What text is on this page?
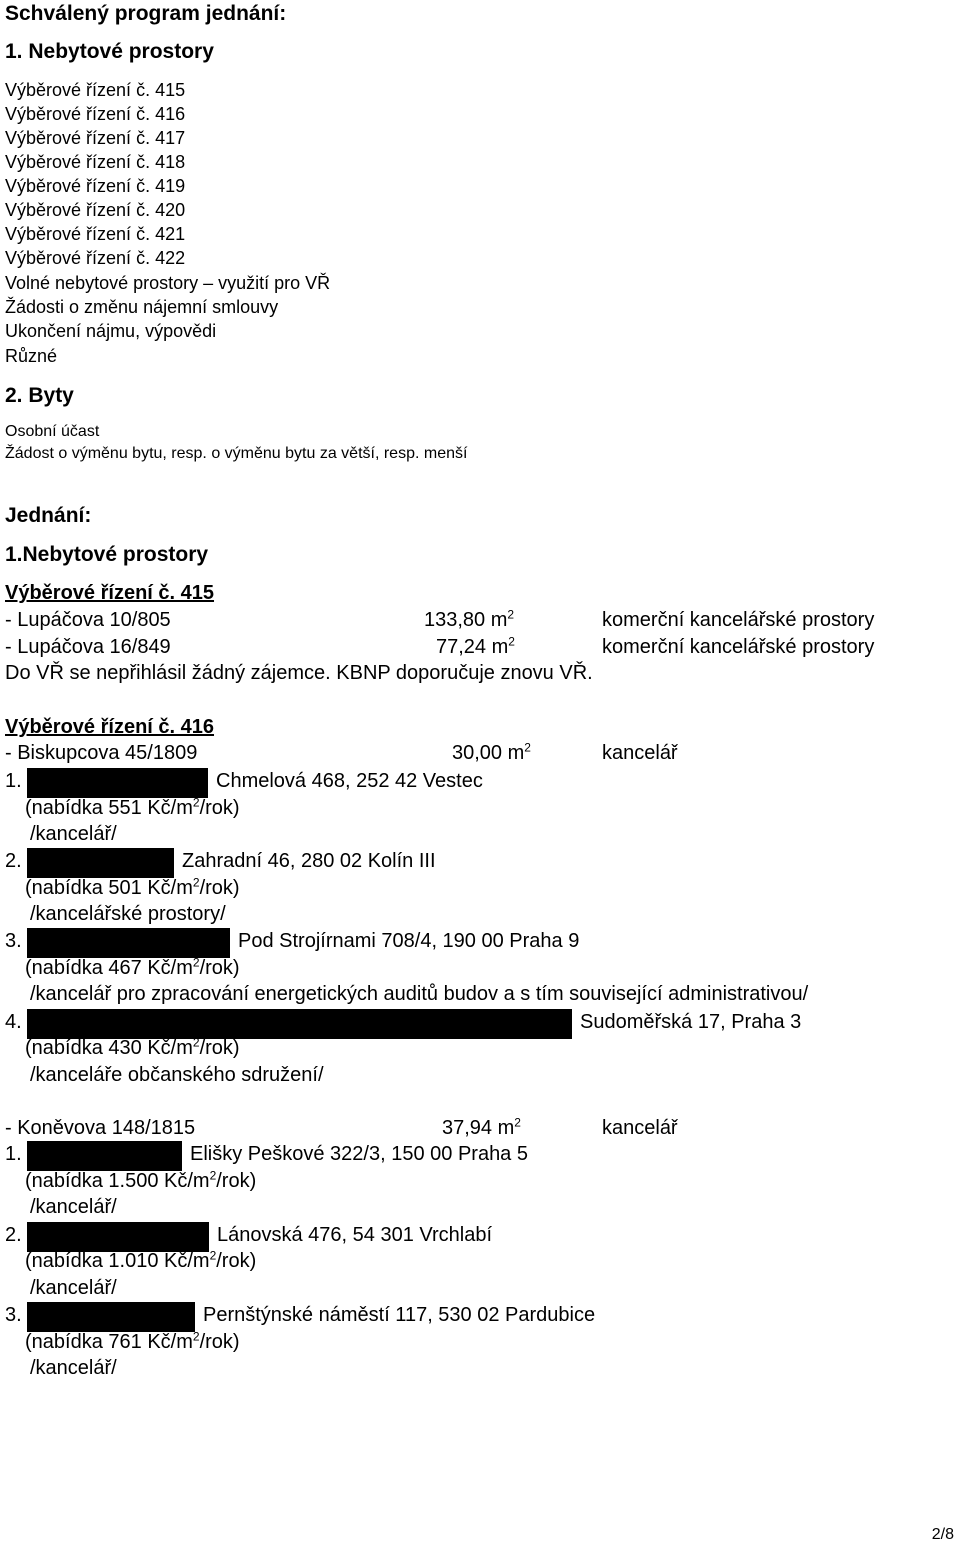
Schválený program jednání:
1. Nebytové prostory
Výběrové řízení č. 415
Výběrové řízení č. 416
Výběrové řízení č. 417
Výběrové řízení č. 418
Výběrové řízení č. 419
Výběrové řízení č. 420
Výběrové řízení č. 421
Výběrové řízení č. 422
Volné nebytové prostory – využití pro VŘ
Žádosti o změnu nájemní smlouvy
Ukončení nájmu, výpovědi
Různé
2. Byty
Osobní účast
Žádost o výměnu bytu, resp. o výměnu bytu za větší, resp. menší
Jednání:
1.Nebytové prostory
Výběrové řízení č. 415
- Lupáčova 10/805	133,80 $m^2$	komerční kancelářské prostory
- Lupáčova 16/849	77,24 $m^2$	komerční kancelářské prostory
Do VŘ se nepřihlásil žádný zájemce. KBNP doporučuje znovu VŘ.
Výběrové řízení č. 416
- Biskupcova 45/1809	30,00 $m^2$	kancelář
1.	Chmelová 468, 252 42 Vestec
(nabídka 551 $Kč/m^2/rok$)
/kancelář/
2.	Zahradní 46, 280 02 Kolín III
(nabídka 501 $Kč/m^2/rok$)
/kancelářské prostory/
3.	Pod Strojírnami 708/4, 190 00 Praha 9
(nabídka 467 $Kč/m^2/rok$)
/kancelář pro zpracování energetických auditů budov a s tím související administrativou/
4.	Sudoměřská 17, Praha 3
(nabídka 430 $Kč/m^2/rok$)
/kanceláře občanského sdružení/
- Koněvova 148/1815	37,94 $m^2$	kancelář
1.	Elišky Peškové 322/3, 150 00 Praha 5
(nabídka 1.500 $Kč/m^2/rok$)
/kancelář/
2.	Lánovská 476, 54 301 Vrchlabí
(nabídka 1.010 $Kč/m^2/rok$)
/kancelář/
3.	Pernštýnské náměstí 117, 530 02 Pardubice
(nabídka 761 $Kč/m^2/rok$)
/kancelář/
2/8
